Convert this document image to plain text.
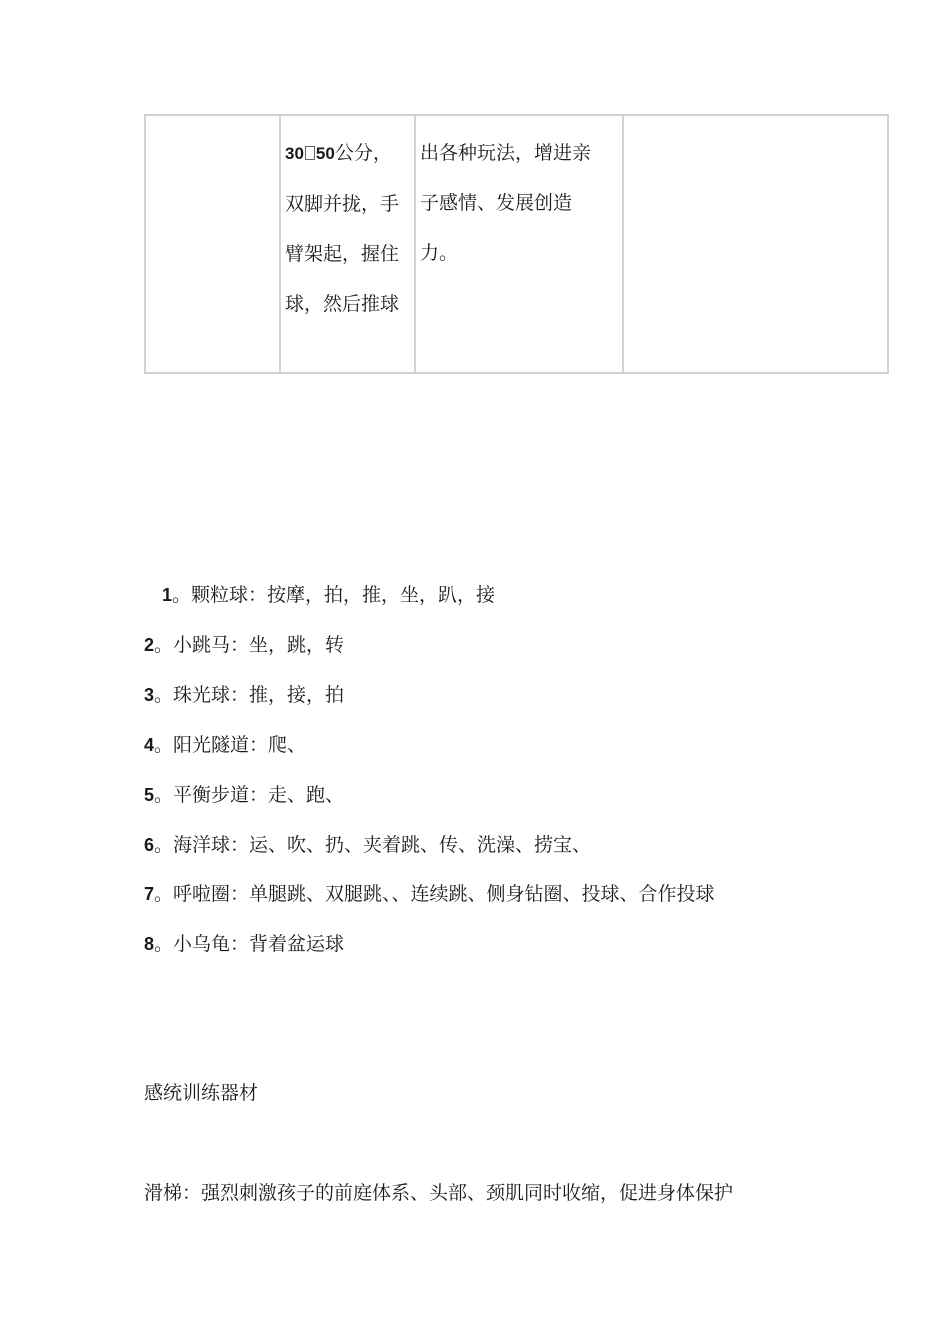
30 50公分，
双脚并拢，手
臂架起，握住
球，然后推球
出各种玩法，增进亲
子感情、发展创造
力。
1。颗粒球：按摩，拍，推，坐，趴，接
2。小跳马：坐，跳，转
3。珠光球：推，接，拍
4。阳光隧道：爬、
5。平衡步道：走、跑、
6。海洋球：运、吹、扔、夹着跳、传、洗澡、捞宝、
7。呼啦圈：单腿跳、双腿跳、、连续跳、侧身钻圈、投球、合作投球
8。小乌龟：背着盆运球
感统训练器材
滑梯：强烈刺激孩子的前庭体系、头部、颈肌同时收缩，促进身体保护
